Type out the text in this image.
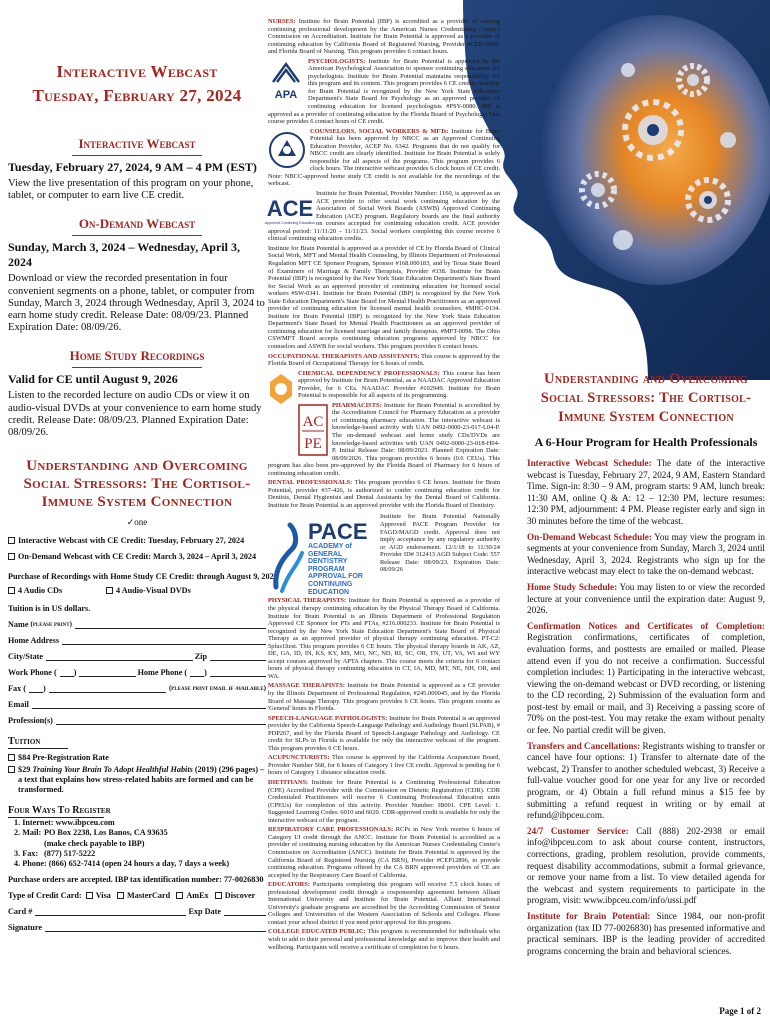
Interactive Webcast
Tuesday, February 27, 2024
Interactive Webcast
Tuesday, February 27, 2024, 9 AM – 4 PM (EST)
View the live presentation of this program on your phone, tablet, or computer to earn live CE credit.
On-Demand Webcast
Sunday, March 3, 2024 – Wednesday, April 3, 2024
Download or view the recorded presentation in four convenient segments on a phone, tablet, or computer from Sunday, March 3, 2024 through Wednesday, April 3, 2024 to earn home study credit. Release Date: 08/09/23. Planned Expiration Date: 08/09/26.
Home Study Recordings
Valid for CE until August 9, 2026
Listen to the recorded lecture on audio CDs or view it on audio-visual DVDs at your convenience to earn home study credit. Release Date: 08/09/23. Planned Expiration Date: 08/09/26.
Understanding and Overcoming Social Stressors: The Cortisol-Immune System Connection
✓one
Interactive Webcast with CE Credit: Tuesday, February 27, 2024
On-Demand Webcast with CE Credit: March 3, 2024 – April 3, 2024
Purchase of Recordings with Home Study CE Credit: through August 9, 2026
4 Audio CDs	4 Audio-Visual DVDs
Tuition is in US dollars.
Name
(please print)
Home Address
City/State	Zip
Work Phone ( )	Home Phone ( )
Fax ( )	(please print email if available)
Email
Profession(s)
Tuition
$84 Pre-Registration Rate
$29 Training Your Brain To Adopt Healthful Habits (2019) (296 pages) – a text that explains how stress-related habits are formed and can be transformed.
Four Ways To Register
1. Internet: www.ibpceu.com
2. Mail: PO Box 2238, Los Banos, CA 93635
(make check payable to IBP)
3. Fax: (877) 517-5222
4. Phone: (866) 652-7414 (open 24 hours a day, 7 days a week)
Purchase orders are accepted. IBP tax identification number: 77-0026830
Type of Credit Card:
Visa
MasterCard
AmEx
Discover
Card #	Exp Date
Signature
NURSES: Institute for Brain Potential (IBP) is accredited as a provider of nursing continuing professional development by the American Nurses Credentialing Center's Commission on Accreditation. Institute for Brain Potential is approved as a provider of continuing education by California Board of Registered Nursing, Provider #CEP12896, and Florida Board of Nursing. This program provides 6 contact hours.
APA
PSYCHOLOGISTS: Institute for Brain Potential is approved by the American Psychological Association to sponsor continuing education for psychologists. Institute for Brain Potential maintains responsibility for this program and its content. This program provides 6 CE credits. Institute for Brain Potential is recognized by the New York State Education Department's State Board for Psychology as an approved provider of continuing education for licensed psychologists #PSY-0080. IBP is approved as a provider of continuing education by the Florida Board of Psychology. This course provides 6 contact hours of CE credit.
COUNSELORS, SOCIAL WORKERS & MFTs: Institute for Brain Potential has been approved by NBCC as an Approved Continuing Education Provider, ACEP No. 6342. Programs that do not qualify for NBCC credit are clearly identified. Institute for Brain Potential is solely responsible for all aspects of the programs. This program provides 6 clock hours. The interactive webcast provides 6 clock hours of CE credit. Note: NBCC-approved home study CE credit is not available for the recordings of the webcast.
ACE
Approved Continuing Education
Institute for Brain Potential, Provider Number: 1160, is approved as an ACE provider to offer social work continuing education by the Association of Social Work Boards (ASWB) Approved Continuing Education (ACE) program. Regulatory boards are the final authority on courses accepted for continuing education credit. ACE provider approval period: 11/11/20 – 11/11/23. Social workers completing this course receive 6 clinical continuing education credits.
Institute for Brain Potential is approved as a provider of CE by Florida Board of Clinical Social Work, MFT and Mental Health Counseling, by Illinois Department of Professional Regulation MFT CE Sponsor Program, Sponsor #168.000183, and by Texas State Board of Examiners of Marriage & Family Therapists, Provider #338. Institute for Brain Potential (IBP) is recognized by the New York State Education Department's State Board for Social Work as an approved provider of continuing education for licensed social workers #SW-0341. Institute for Brain Potential (IBP) is recognized by the New York State Education Department's State Board for Mental Health Practitioners as an approved provider of continuing education for licensed mental health counselors. #MHC-0134. Institute for Brain Potential (IBP) is recognized by the New York State Education Department's State Board for Mental Health Practitioners as an approved provider of continuing education for licensed marriage and family therapists. #MFT-0098. The Ohio CSWMFT Board accepts continuing education programs approved by NBCC for counselors and ASWB for social workers. This program provides 6 contact hours.
OCCUPATIONAL THERAPISTS AND ASSISTANTS: This course is approved by the Florida Board of Occupational Therapy for 6 hours of credit.
CHEMICAL DEPENDENCY PROFESSIONALS: This course has been approved by Institute for Brain Potential, as a NAADAC Approved Education Provider, for 6 CEs. NAADAC Provider #102949. Institute for Brain Potential is responsible for all aspects of its programming.
AC
PE
PHARMACISTS: Institute for Brain Potential is accredited by the Accreditation Council for Pharmacy Education as a provider of continuing pharmacy education. The interactive webcast is knowledge-based activity with UAN 0492-0000-23-017-L04-P. The on-demand webcast and home study CDs/DVDs are knowledge-based activities with UAN 0492-0000-23-018-H04-P. Initial Release Date: 08/09/2023. Planned Expiration Date: 08/09/2026. This program provides 6 hours (0.6 CEUs). This program has also been pre-approved by the Florida Board of Pharmacy for 6 hours of continuing education credit.
DENTAL PROFESSIONALS: This program provides 6 CE hours. Institute for Brain Potential, provider #37-426, is authorized to confer continuing education credit for Dentists, Dental Hygienists and Dental Assistants by the Dental Board of California. Institute for Brain Potential is an approved provider with the Florida Board of Dentistry.
PACE
ACADEMY of GENERAL DENTISTRY PROGRAM APPROVAL FOR CONTINUING EDUCATION
Institute for Brain Potential Nationally Approved PACE Program Provider for FAGD/MAGD credit. Approval does not imply acceptance by any regulatory authority or AGD endorsement. 12/1/18 to 11/30/24 Provider ID# 312413 AGD Subject Code: 557 Release Date: 08/09/23. Expiration Date: 08/09/26
PHYSICAL THERAPISTS: Institute for Brain Potential is approved as a provider of the physical therapy continuing education by the Physical Therapy Board of California. Institute for Brain Potential is an Illinois Department of Professional Regulation Approved CE Sponsor for PTs and PTAs, #216.000233. Institute for Brain Potential is recognized by the New York State Education Department's State Board of Physical Therapy as an approved provider of physical therapy continuing education. PT-C2: 5plus1ltest. This program provides 6 CE hours. The physical therapy boards in AK, AZ, DE, GA, ID, IN, KS, KY, MS, MO, NC, ND, RI, SC, OR, TN, UT, VA, WI and WY accept courses approved by APTA chapters. This course meets the criteria for 6 contact hours of physical therapy continuing education in CT, IA, MD, MT, NE, NH, OR, and WA.
MASSAGE THERAPISTS: Institute for Brain Potential is approved as a CE provider by the Illinois Department of Professional Regulation, #245.000045, and by the Florida Board of Massage Therapy. This program provides 6 CE hours. This program counts as 'General' hours in Florida.
SPEECH-LANGUAGE PATHOLOGISTS: Institute for Brain Potential is an approved provider by the California Speech-Language Pathology and Audiology Board (SLPAB), # PDP267, and by the Florida Board of Speech-Language Pathology and Audiology. CE credit for SLPs in Florida is available for only the interactive webcast of the program. This program provides 6 CE hours.
ACUPUNCTURISTS: This course is approved by the California Acupuncture Board, Provider Number 568, for 6 hours of Category 1 live CE credit. Approval is pending for 6 hours of Category 1 distance education credit.
DIETITIANS: Institute for Brain Potential is a Continuing Professional Education (CPE) Accredited Provider with the Commission on Dietetic Registration (CDR). CDR Credentialed Practitioners will receive 6 Continuing Professional Education units (CPEUs) for completion of this activity. Provider Number: IB001. CPE Level: 1. Suggested Learning Codes: 6010 and 6020. CDR-approved credit is available for only the interactive webcast of the program.
RESPIRATORY CARE PROFESSIONALS: RCPs in New York receive 6 hours of Category I/I credit through the ANCC. Institute for Brain Potential is accredited as a provider of continuing nursing education by the American Nurses Credentialing Center's Commission on Accreditation (ANCC). Institute for Brain Potential is approved by the California Board of Registered Nursing (CA BRN), Provider #CEP12896, to provide continuing education. Programs offered by the CA BRN approved providers of CE are accepted by the Respiratory Care Board of California.
EDUCATORS: Participants completing this program will receive 7.5 clock hours of professional development credit through a cosponsorship agreement between Alliant International University and Institute for Brain Potential. Alliant International University's graduate programs are accredited by the Accrediting Commission of Senior Colleges and Universities of the Western Association of Schools and Colleges. Please contact your school district if you need prior approval for this program.
COLLEGE EDUCATED PUBLIC: This program is recommended for individuals who wish to add to their personal and professional knowledge and to improve their health and wellbeing. Participants will receive a certificate of completion for 6 hours.
Understanding and Overcoming Social Stressors: The Cortisol-Immune System Connection
A 6-Hour Program for Health Professionals
Interactive Webcast Schedule: The date of the interactive webcast is Tuesday, February 27, 2024, 9 AM, Eastern Standard Time. Sign-in: 8:30 – 9 AM, program starts: 9 AM, lunch break: 11:30 AM, online Q & A: 12 – 12:30 PM, lecture resumes: 12:30 PM, adjournment: 4 PM. Please register early and sign in 30 minutes before the time of the webcast.
On-Demand Webcast Schedule: You may view the program in segments at your convenience from Sunday, March 3, 2024 until Wednesday, April 3, 2024. Registrants who sign up for the interactive webcast may elect to take the on-demand webcast.
Home Study Schedule: You may listen to or view the recorded lecture at your convenience until the expiration date: August 9, 2026.
Confirmation Notices and Certificates of Completion: Registration confirmations, certificates of completion, evaluation forms, and posttests are emailed or mailed. Please attend even if you do not receive a confirmation. Successful completion includes: 1) Participating in the interactive webcast, viewing the on-demand webcast or DVD recording, or listening to the CD recording, 2) Submission of the evaluation form and post-test by email or mail, and 3) Receiving a passing score of 70% on the post-test. You may retake the exam without penalty or fee. No partial credit will be given.
Transfers and Cancellations: Registrants wishing to transfer or cancel have four options: 1) Transfer to alternate date of the webcast, 2) Transfer to another scheduled webcast, 3) Receive a full-value voucher good for one year for any live or recorded program, or 4) Obtain a full refund minus a $15 fee by submitting a refund request in writing or by email at refund@ibpceu.com.
24/7 Customer Service: Call (888) 202-2938 or email info@ibpceu.com to ask about course content, instructors, corrections, grading, problem resolution, provide comments, request disability accommodations, submit a formal grievance, or remove your name from a list. To view detailed agenda for the webcast and system requirements to participate in the program, visit: www.ibpceu.com/info/ussi.pdf
Institute for Brain Potential: Since 1984, our non-profit organization (tax ID 77-0026830) has presented informative and practical seminars. IBP is the leading provider of accredited programs concerning the brain and behavioral sciences.
Page 1 of 2
